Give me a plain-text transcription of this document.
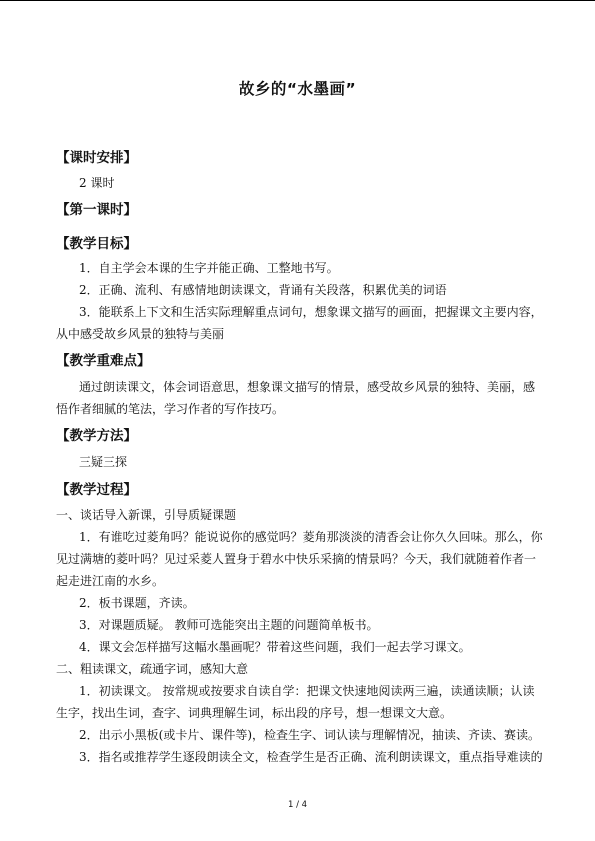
故乡的“水墨画”
【课时安排】
2 课时
【第一课时】
【教学目标】
1．自主学会本课的生字并能正确、工整地书写。
2．正确、流利、有感情地朗读课文，背诵有关段落，积累优美的词语
3．能联系上下文和生活实际理解重点词句，想象课文描写的画面，把握课文主要内容，
从中感受故乡风景的独特与美丽
【教学重难点】
通过朗读课文，体会词语意思，想象课文描写的情景，感受故乡风景的独特、美丽，感
悟作者细腻的笔法，学习作者的写作技巧。
【教学方法】
三疑三探
【教学过程】
一、谈话导入新课，引导质疑课题
1．有谁吃过菱角吗？能说说你的感觉吗？菱角那淡淡的清香会让你久久回味。那么，你
见过满塘的菱叶吗？见过采菱人置身于碧水中快乐采摘的情景吗？今天，我们就随着作者一
起走进江南的水乡。
2．板书课题，齐读。
3．对课题质疑。 教师可选能突出主题的问题简单板书。
4．课文会怎样描写这幅水墨画呢？带着这些问题，我们一起去学习课文。
二、粗读课文，疏通字词，感知大意
1．初读课文。 按常规或按要求自读自学：把课文快速地阅读两三遍，读通读顺；认读
生字，找出生词，查字、词典理解生词，标出段的序号，想一想课文大意。
2．出示小黑板(或卡片、课件等)，检查生字、词认读与理解情况，抽读、齐读、赛读。
3．指名或推荐学生逐段朗读全文，检查学生是否正确、流利朗读课文，重点指导难读的
1 / 4
